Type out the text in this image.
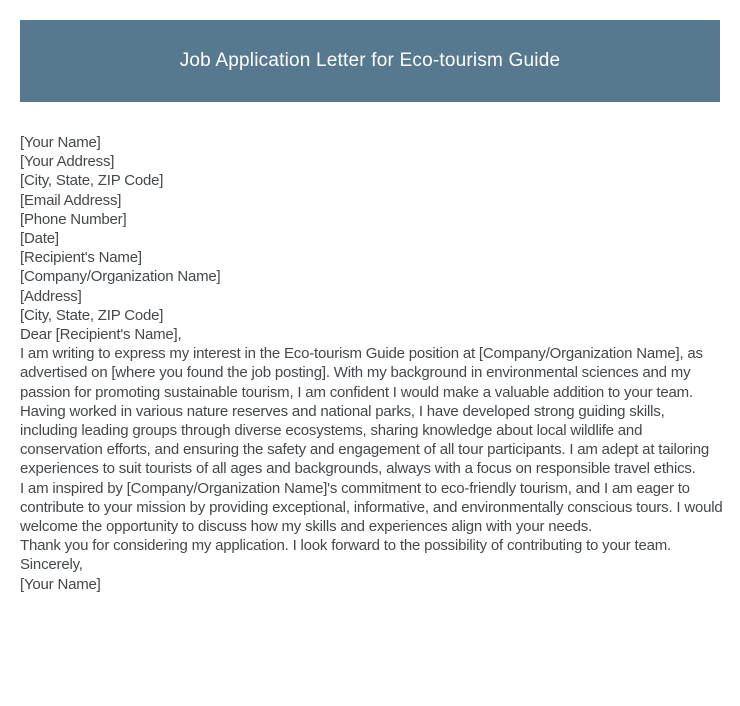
Job Application Letter for Eco-tourism Guide
[Your Name]
[Your Address]
[City, State, ZIP Code]
[Email Address]
[Phone Number]
[Date]
[Recipient's Name]
[Company/Organization Name]
[Address]
[City, State, ZIP Code]
Dear [Recipient's Name],

I am writing to express my interest in the Eco-tourism Guide position at [Company/Organization Name], as advertised on [where you found the job posting]. With my background in environmental sciences and my passion for promoting sustainable tourism, I am confident I would make a valuable addition to your team.

Having worked in various nature reserves and national parks, I have developed strong guiding skills, including leading groups through diverse ecosystems, sharing knowledge about local wildlife and conservation efforts, and ensuring the safety and engagement of all tour participants. I am adept at tailoring experiences to suit tourists of all ages and backgrounds, always with a focus on responsible travel ethics.

I am inspired by [Company/Organization Name]'s commitment to eco-friendly tourism, and I am eager to contribute to your mission by providing exceptional, informative, and environmentally conscious tours. I would welcome the opportunity to discuss how my skills and experiences align with your needs.

Thank you for considering my application. I look forward to the possibility of contributing to your team.

Sincerely,
[Your Name]
